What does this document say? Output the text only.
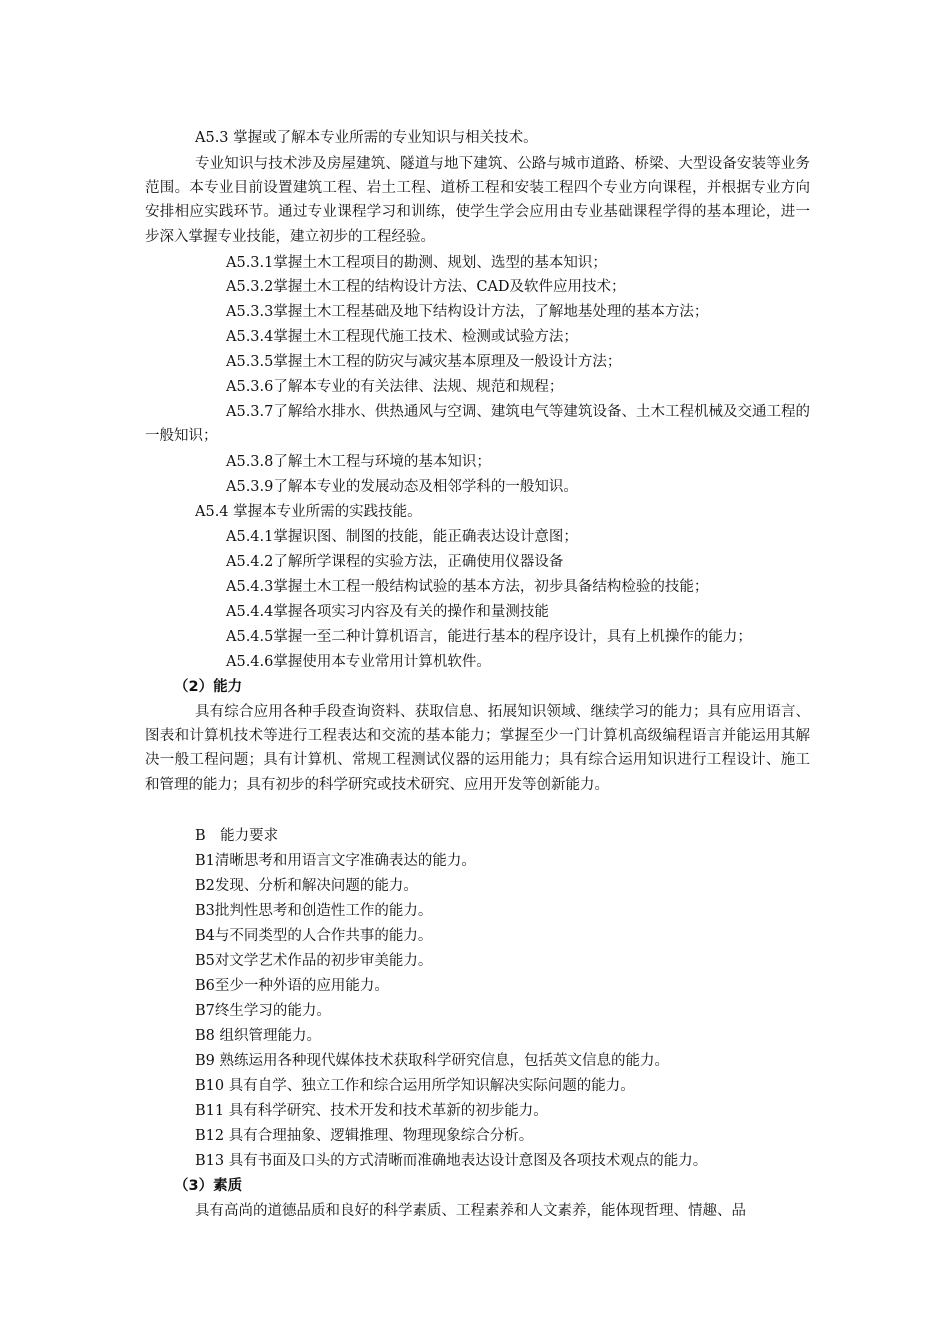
A5.3 掌握或了解本专业所需的专业知识与相关技术。
专业知识与技术涉及房屋建筑、隧道与地下建筑、公路与城市道路、桥梁、大型设备安装等业务范围。本专业目前设置建筑工程、岩土工程、道桥工程和安装工程四个专业方向课程，并根据专业方向安排相应实践环节。通过专业课程学习和训练，使学生学会应用由专业基础课程学得的基本理论，进一步深入掌握专业技能，建立初步的工程经验。
A5.3.1掌握土木工程项目的勘测、规划、选型的基本知识；
A5.3.2掌握土木工程的结构设计方法、CAD及软件应用技术；
A5.3.3掌握土木工程基础及地下结构设计方法，了解地基处理的基本方法；
A5.3.4掌握土木工程现代施工技术、检测或试验方法；
A5.3.5掌握土木工程的防灾与减灾基本原理及一般设计方法；
A5.3.6了解本专业的有关法律、法规、规范和规程；
A5.3.7了解给水排水、供热通风与空调、建筑电气等建筑设备、土木工程机械及交通工程的一般知识；
A5.3.8了解土木工程与环境的基本知识；
A5.3.9了解本专业的发展动态及相邻学科的一般知识。
A5.4 掌握本专业所需的实践技能。
A5.4.1掌握识图、制图的技能，能正确表达设计意图；
A5.4.2了解所学课程的实验方法，正确使用仪器设备
A5.4.3掌握土木工程一般结构试验的基本方法，初步具备结构检验的技能；
A5.4.4掌握各项实习内容及有关的操作和量测技能
A5.4.5掌握一至二种计算机语言，能进行基本的程序设计，具有上机操作的能力；
A5.4.6掌握使用本专业常用计算机软件。
（2）能力
具有综合应用各种手段查询资料、获取信息、拓展知识领域、继续学习的能力；具有应用语言、图表和计算机技术等进行工程表达和交流的基本能力；掌握至少一门计算机高级编程语言并能运用其解决一般工程问题；具有计算机、常规工程测试仪器的运用能力；具有综合运用知识进行工程设计、施工和管理的能力；具有初步的科学研究或技术研究、应用开发等创新能力。
B　能力要求
B1清晰思考和用语言文字准确表达的能力。
B2发现、分析和解决问题的能力。
B3批判性思考和创造性工作的能力。
B4与不同类型的人合作共事的能力。
B5对文学艺术作品的初步审美能力。
B6至少一种外语的应用能力。
B7终生学习的能力。
B8 组织管理能力。
B9 熟练运用各种现代媒体技术获取科学研究信息，包括英文信息的能力。
B10 具有自学、独立工作和综合运用所学知识解决实际问题的能力。
B11 具有科学研究、技术开发和技术革新的初步能力。
B12 具有合理抽象、逻辑推理、物理现象综合分析。
B13 具有书面及口头的方式清晰而准确地表达设计意图及各项技术观点的能力。
（3）素质
具有高尚的道德品质和良好的科学素质、工程素养和人文素养，能体现哲理、情趣、品
